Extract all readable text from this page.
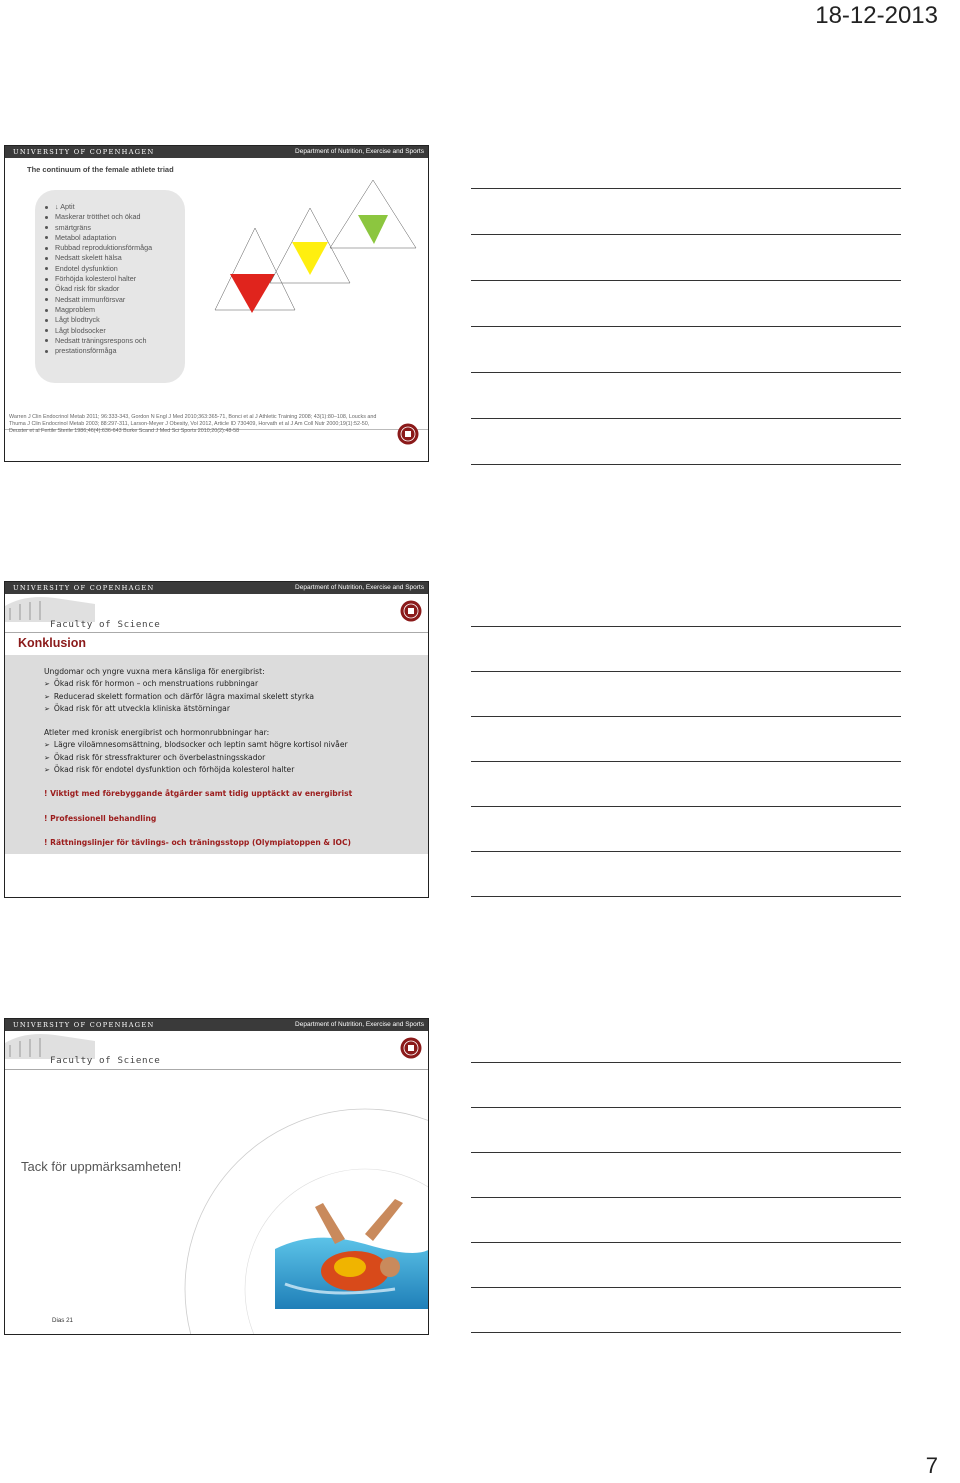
18-12-2013
UNIVERSITY OF COPENHAGEN	Department of Nutrition, Exercise and Sports
The continuum of the female athlete triad
↓ Aptit
Maskerar trötthet och ökad
smärtgräns
Metabol adaptation
Rubbad reproduktionsförmåga
Nedsatt skelett hälsa
Endotel dysfunktion
Förhöjda kolesterol halter
Ökad risk för skador
Nedsatt immunförsvar
Magproblem
Lågt blodtryck
Lågt blodsocker
Nedsatt träningsrespons och
prestationsförmåga
Warren J Clin Endocrinol Metab 2011; 96:333-343, Gordon N Engl J Med 2010;363:365-71, Bonci et al J Athletic Training 2008; 43(1):80–108, Loucks and Thuma J Clin Endocrinol Metab 2003; 88:297-311, Larson-Meyer J Obesity, Vol 2012, Article ID 730409, Horvath et al J Am Coll Nutr 2000;19(1):52-50, Deuster et al Fertile Sterile 1986;46(4):636-643 Burke Scand J Med Sci Sports 2010;20(2):48-58
UNIVERSITY OF COPENHAGEN	Department of Nutrition, Exercise and Sports
Faculty of Science
Konklusion
Ungdomar och yngre vuxna mera känsliga för energibrist:
➢ Ökad risk för hormon – och menstruations rubbningar
➢ Reducerad skelett formation och därför lägra maximal skelett styrka
➢ Ökad risk för att utveckla kliniska ätstörningar
Atleter med kronisk energibrist och hormonrubbningar har:
➢ Lägre viloämnesomsättning, blodsocker och leptin samt högre kortisol nivåer
➢ Ökad risk för stressfrakturer och överbelastningsskador
➢ Ökad risk för endotel dysfunktion och förhöjda kolesterol halter
! Viktigt med förebyggande åtgärder samt tidig upptäckt av energibrist
! Professionell behandling
! Rättningslinjer för tävlings- och träningsstopp (Olympiatoppen & IOC)
UNIVERSITY OF COPENHAGEN	Department of Nutrition, Exercise and Sports
Faculty of Science
Tack för uppmärksamheten!
Dias 21
7
